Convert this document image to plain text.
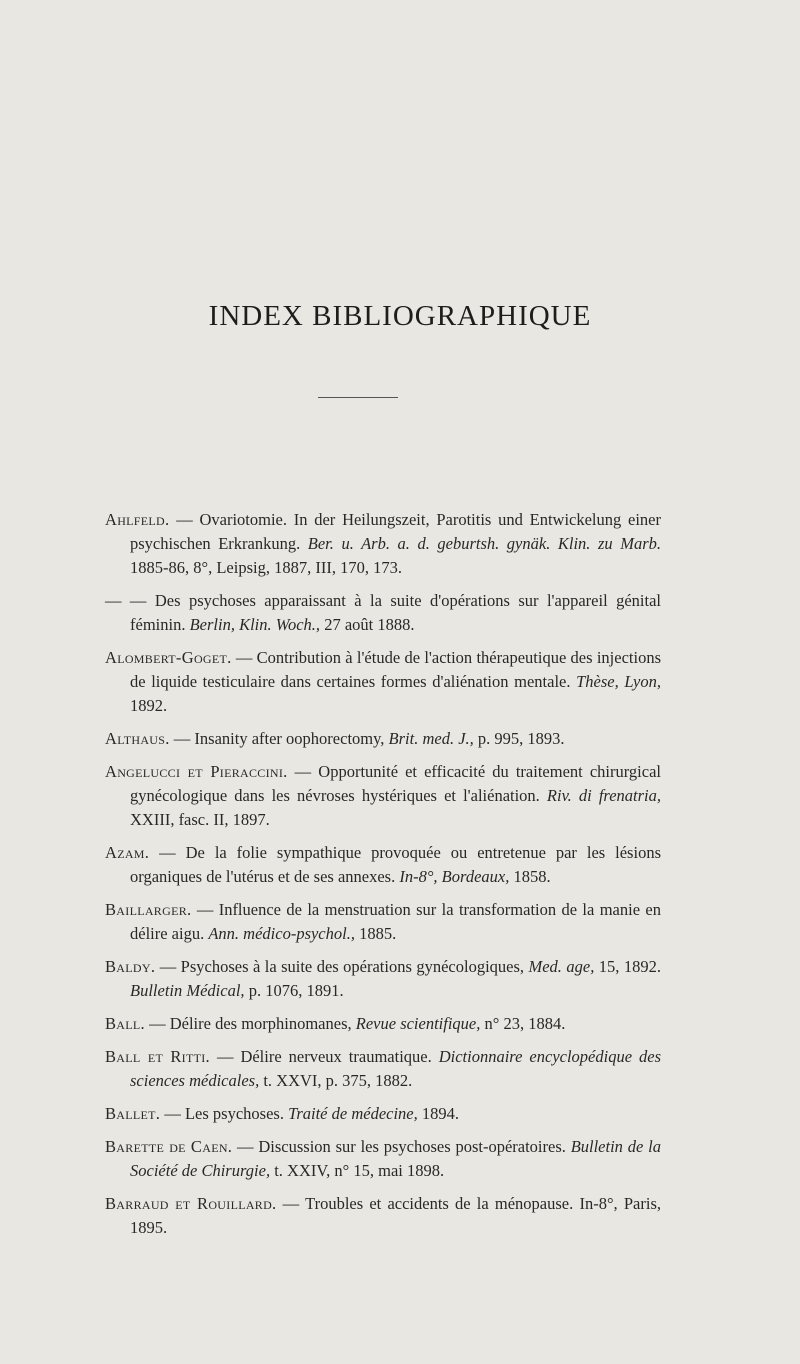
INDEX BIBLIOGRAPHIQUE

Ahlfeld. — Ovariotomie. In der Heilungszeit, Parotitis und Entwickelung einer psychischen Erkrankung. Ber. u. Arb. a. d. geburtsh. gynäk. Klin. zu Marb. 1885-86, 8°, Leipsig, 1887, III, 170, 173.

— — Des psychoses apparaissant à la suite d'opérations sur l'appareil génital féminin. Berlin, Klin. Woch., 27 août 1888.

Alombert-Goget. — Contribution à l'étude de l'action thérapeutique des injections de liquide testiculaire dans certaines formes d'aliénation mentale. Thèse, Lyon, 1892.

Althaus. — Insanity after oophorectomy, Brit. med. J., p. 995, 1893.

Angelucci et Pieraccini. — Opportunité et efficacité du traitement chirurgical gynécologique dans les névroses hystériques et l'aliénation. Riv. di frenatria, XXIII, fasc. II, 1897.

Azam. — De la folie sympathique provoquée ou entretenue par les lésions organiques de l'utérus et de ses annexes. In-8°, Bordeaux, 1858.

Baillarger. — Influence de la menstruation sur la transformation de la manie en délire aigu. Ann. médico-psychol., 1885.

Baldy. — Psychoses à la suite des opérations gynécologiques, Med. age, 15, 1892. Bulletin Médical, p. 1076, 1891.

Ball. — Délire des morphinomanes, Revue scientifique, n° 23, 1884.

Ball et Ritti. — Délire nerveux traumatique. Dictionnaire encyclopédique des sciences médicales, t. XXVI, p. 375, 1882.

Ballet. — Les psychoses. Traité de médecine, 1894.

Barette de Caen. — Discussion sur les psychoses post-opératoires. Bulletin de la Société de Chirurgie, t. XXIV, n° 15, mai 1898.

Barraud et Rouillard. — Troubles et accidents de la ménopause. In-8°, Paris, 1895.
